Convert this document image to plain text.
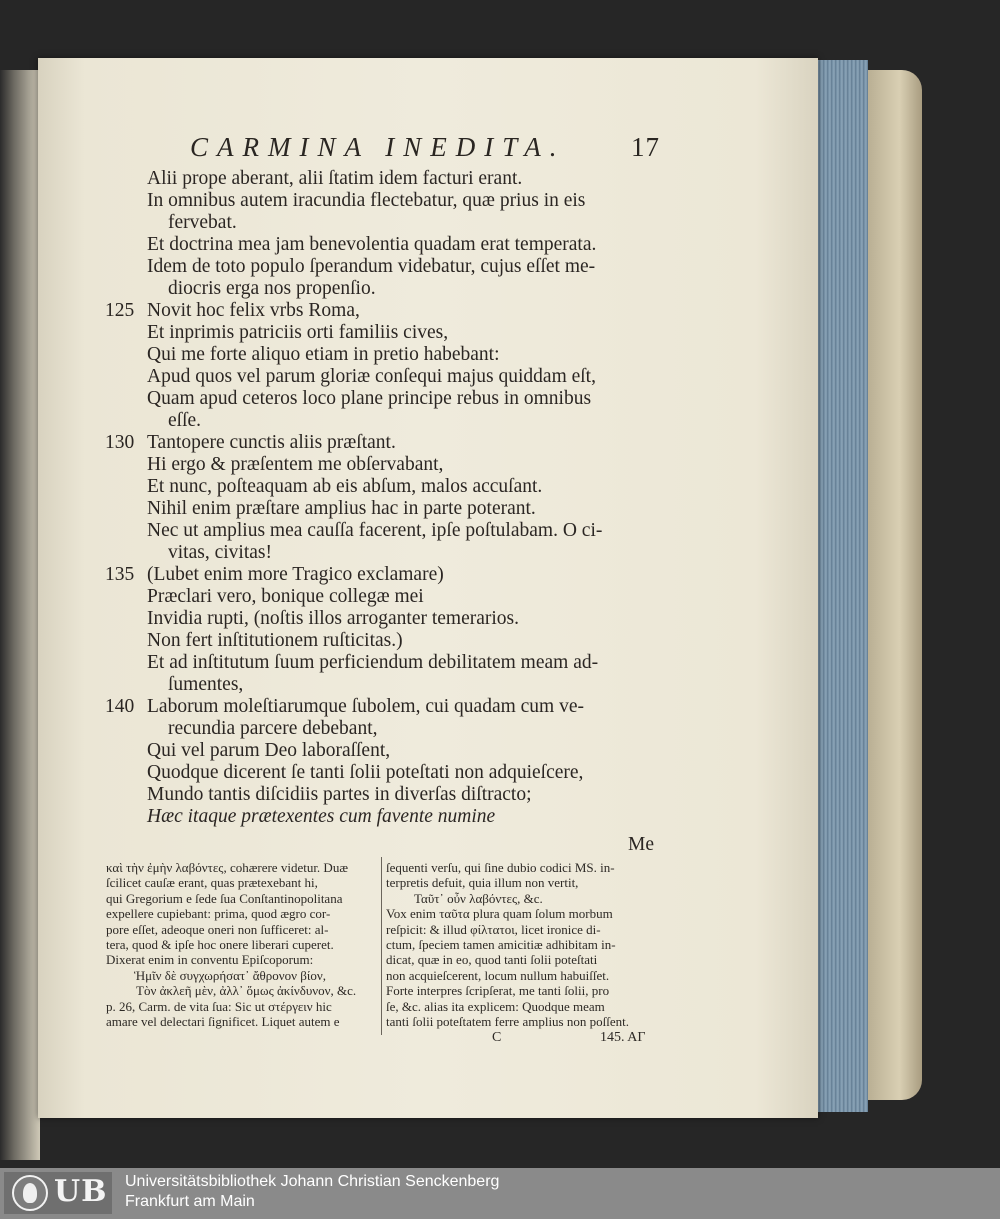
CARMINA INEDITA. 17
Alii prope aberant, alii ſtatim idem facturi erant.
In omnibus autem iracundia flectebatur, quæ prius in eis
fervebat.
Et doctrina mea jam benevolentia quadam erat temperata.
Idem de toto populo ſperandum videbatur, cujus eſſet me-
diocris erga nos propenſio.
125 Novit hoc felix vrbs Roma,
Et inprimis patriciis orti familiis cives,
Qui me forte aliquo etiam in pretio habebant:
Apud quos vel parum gloriæ conſequi majus quiddam eſt,
Quam apud ceteros loco plane principe rebus in omnibus
eſſe.
130 Tantopere cunctis aliis præſtant.
Hi ergo & præſentem me obſervabant,
Et nunc, poſteaquam ab eis abſum, malos accuſant.
Nihil enim præſtare amplius hac in parte poterant.
Nec ut amplius mea cauſſa facerent, ipſe poſtulabam. O ci-
vitas, civitas!
135 (Lubet enim more Tragico exclamare)
Præclari vero, bonique collegæ mei
Invidia rupti, (noſtis illos arroganter temerarios.
Non fert inſtitutionem ruſticitas.)
Et ad inſtitutum ſuum perficiendum debilitatem meam ad-
ſumentes,
140 Laborum moleſtiarumque ſubolem, cui quadam cum ve-
recundia parcere debebant,
Qui vel parum Deo laboraſſent,
Quodque dicerent ſe tanti ſolii poteſtati non adquieſcere,
Mundo tantis diſcidiis partes in diverſas diſtracto;
Hæc itaque prætexentes cum favente numine
Me
καὶ τὴν ἐμὴν λαβόντες, cohærere videtur. Duæ
ſcilicet cauſæ erant, quas prætexebant hi,
qui Gregorium e ſede ſua Conſtantinopolitana
expellere cupiebant: prima, quod ægro cor-
pore eſſet, adeoque oneri non ſufficeret: al-
tera, quod & ipſe hoc onere liberari cuperet.
Dixerat enim in conventu Epiſcoporum:
Ἡμῖν δὲ συγχωρήσατ᾽ ἄθρονον βίον,
Τὸν ἀκλεῆ μὲν, ἀλλ᾽ ὅμως ἀκίνδυνον, &c.
p. 26, Carm. de vita ſua: Sic ut στέργειν hic
amare vel delectari ſignificet. Liquet autem e
ſequenti verſu, qui ſine dubio codici MS. in-
terpretis defuit, quia illum non vertit,
Ταῦτ᾽ οὖν λαβόντες, &c.
Vox enim ταῦτα plura quam ſolum morbum
reſpicit: & illud φίλτατοι, licet ironice di-
ctum, ſpeciem tamen amicitiæ adhibitam in-
dicat, quæ in eo, quod tanti ſolii poteſtati
non acquieſcerent, locum nullum habuiſſet.
Forte interpres ſcripſerat, me tanti ſolii, pro
ſe, &c. alias ita explicem: Quodque meam
tanti ſolii poteſtatem ferre amplius non poſſent.
C	145. ΑΓ
UB Universitätsbibliothek Johann Christian Senckenberg
Frankfurt am Main
